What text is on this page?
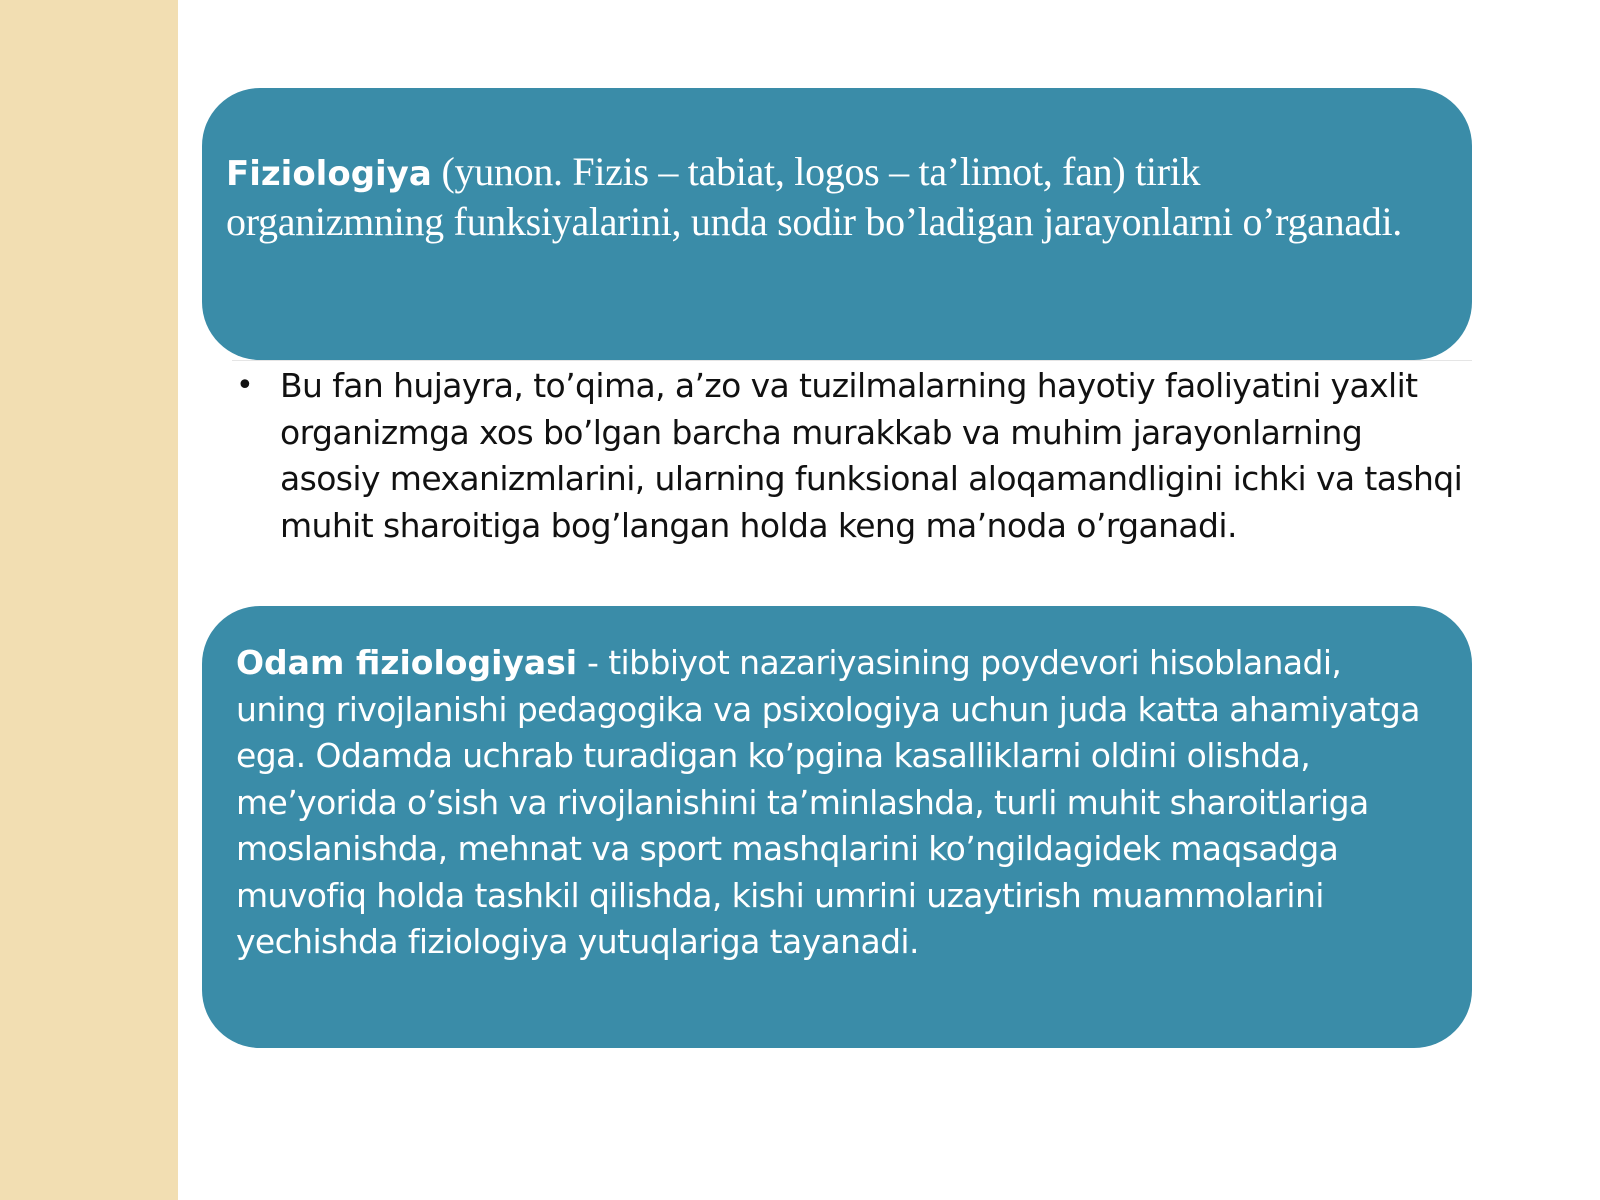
Fiziologiya (yunon. Fizis – tabiat, logos – ta’limot, fan) tirik organizmning funksiyalarini, unda sodir bo’ladigan jarayonlarni o’rganadi.
• Bu fan hujayra, to’qima, a’zo va tuzilmalarning hayotiy faoliyatini yaxlit organizmga xos bo’lgan barcha murakkab va muhim jarayonlarning asosiy mexanizmlarini, ularning funksional aloqamandligini ichki va tashqi muhit sharoitiga bog’langan holda keng ma’noda o’rganadi.
Odam fiziologiyasi - tibbiyot nazariyasining poydevori hisoblanadi, uning rivojlanishi pedagogika va psixologiya uchun juda katta ahamiyatga ega. Odamda uchrab turadigan ko’pgina kasalliklarni oldini olishda, me’yorida o’sish va rivojlanishini ta’minlashda, turli muhit sharoitlariga moslanishda, mehnat va sport mashqlarini ko’ngildagidek maqsadga muvofiq holda tashkil qilishda, kishi umrini uzaytirish muammolarini yechishda fiziologiya yutuqlariga tayanadi.
